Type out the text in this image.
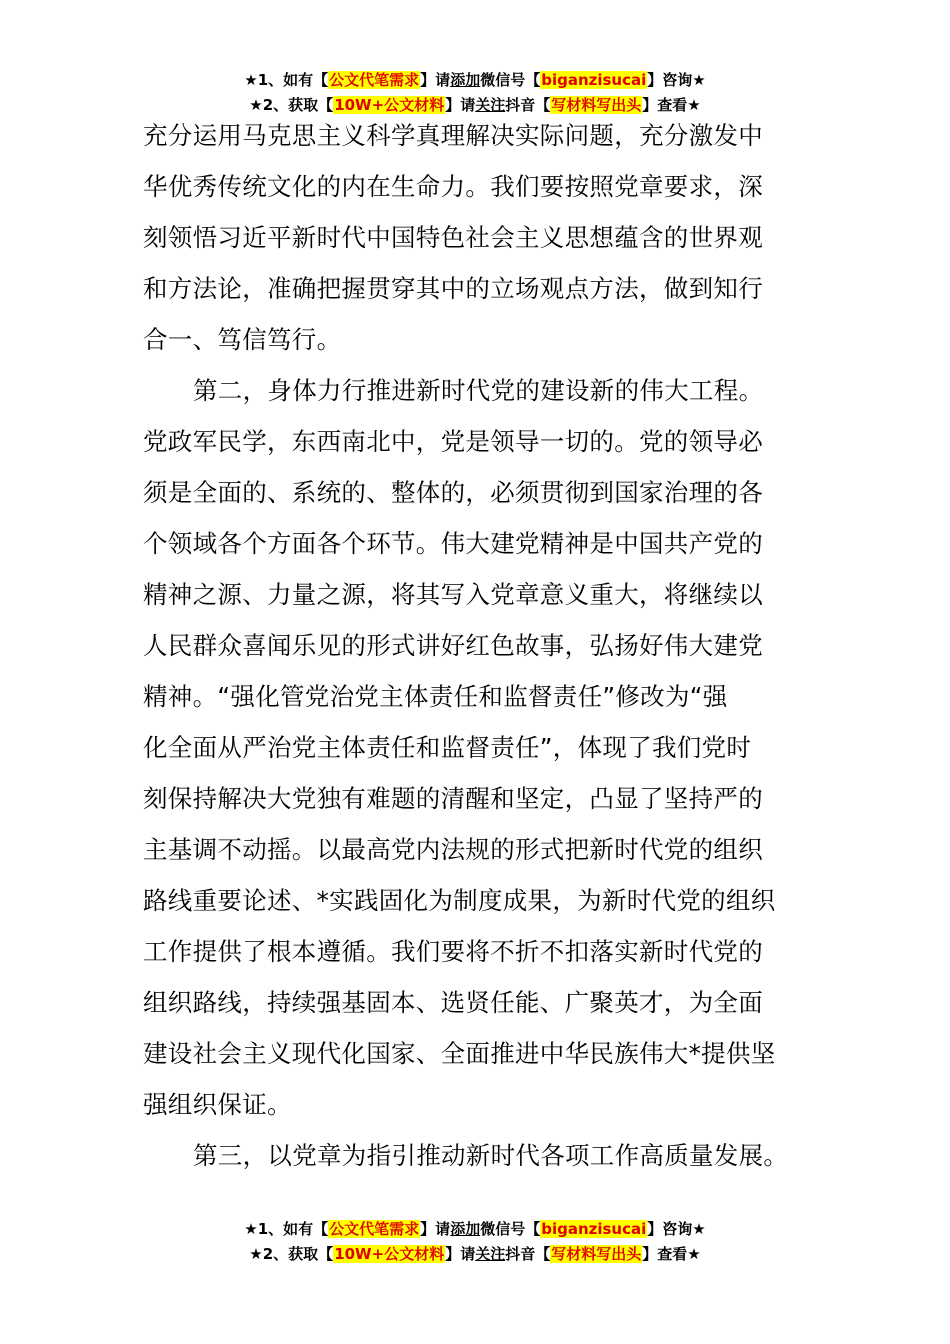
★1、如有【公文代笔需求】请添加微信号【biganzisucai】咨询★
★2、获取【10W+公文材料】请关注抖音【写材料写出头】查看★
充分运用马克思主义科学真理解决实际问题，充分激发中
华优秀传统文化的内在生命力。我们要按照党章要求，深
刻领悟习近平新时代中国特色社会主义思想蕴含的世界观
和方法论，准确把握贯穿其中的立场观点方法，做到知行
合一、笃信笃行。
第二，身体力行推进新时代党的建设新的伟大工程。
党政军民学，东西南北中，党是领导一切的。党的领导必
须是全面的、系统的、整体的，必须贯彻到国家治理的各
个领域各个方面各个环节。伟大建党精神是中国共产党的
精神之源、力量之源，将其写入党章意义重大，将继续以
人民群众喜闻乐见的形式讲好红色故事，弘扬好伟大建党
精神。“强化管党治党主体责任和监督责任”修改为“强
化全面从严治党主体责任和监督责任”，体现了我们党时
刻保持解决大党独有难题的清醒和坚定，凸显了坚持严的
主基调不动摇。以最高党内法规的形式把新时代党的组织
路线重要论述、*实践固化为制度成果，为新时代党的组织
工作提供了根本遵循。我们要将不折不扣落实新时代党的
组织路线，持续强基固本、选贤任能、广聚英才，为全面
建设社会主义现代化国家、全面推进中华民族伟大*提供坚
强组织保证。
第三，以党章为指引推动新时代各项工作高质量发展。
★1、如有【公文代笔需求】请添加微信号【biganzisucai】咨询★
★2、获取【10W+公文材料】请关注抖音【写材料写出头】查看★
